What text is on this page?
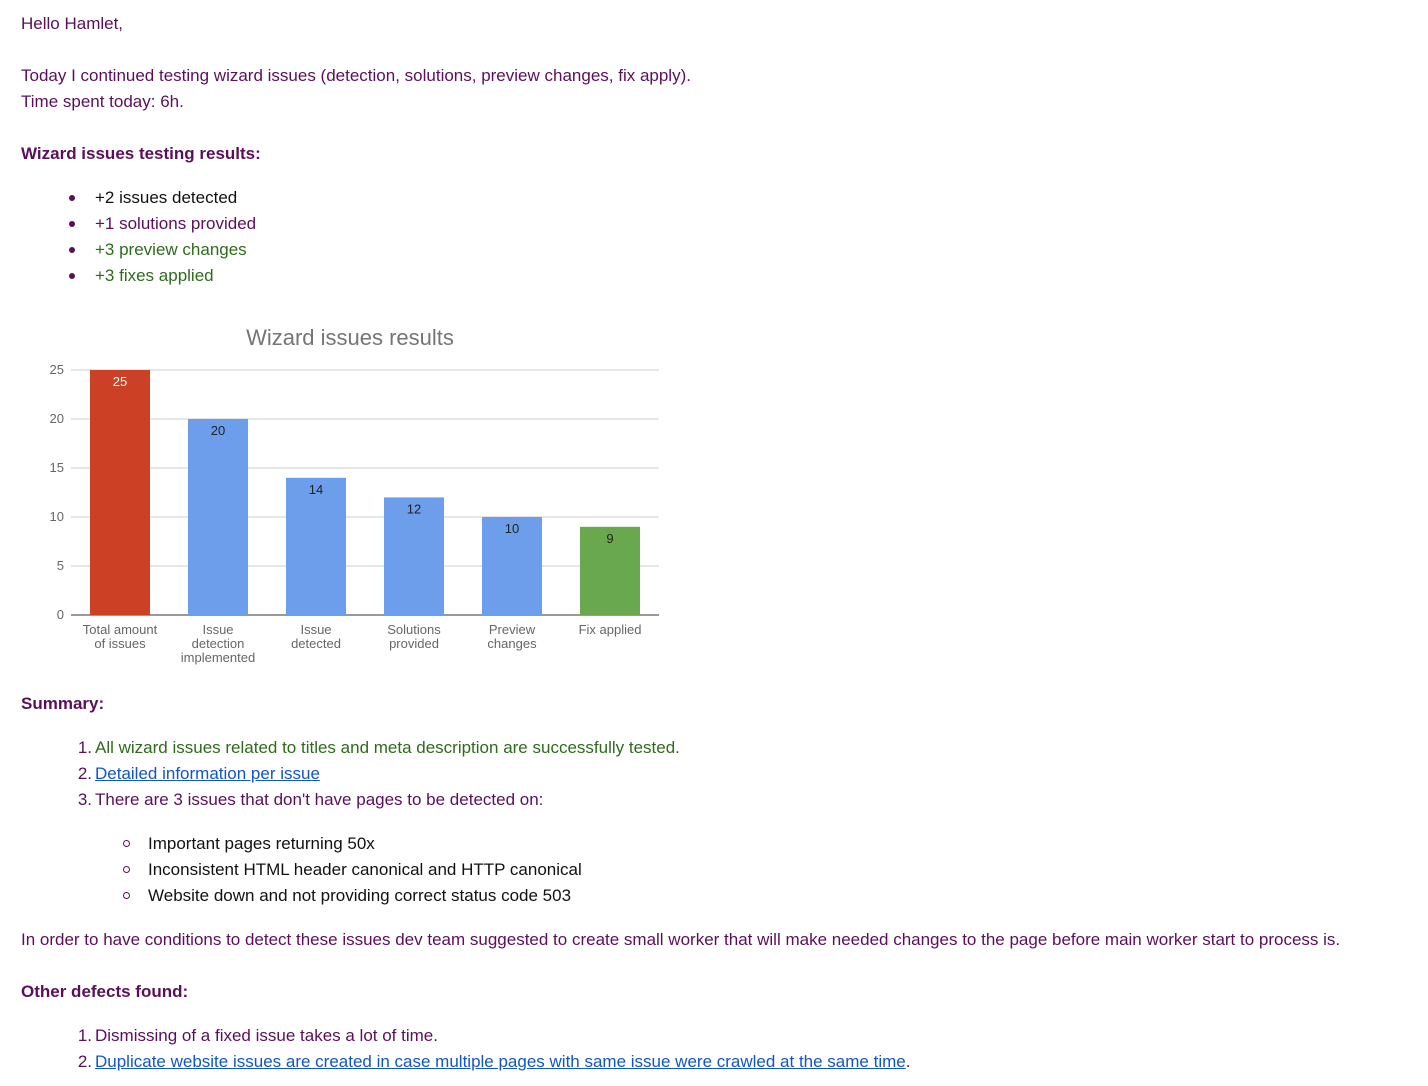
Hello Hamlet,
Today I continued testing wizard issues (detection, solutions, preview changes, fix apply).
Time spent today: 6h.
Wizard issues testing results:
+2 issues detected
+1 solutions provided
+3 preview changes
+3 fixes applied
Wizard issues results
0
5
10
15
20
25
25
20
14
12
10
9
Total amount
of issues
Issue
detection
implemented
Issue
detected
Solutions
provided
Preview
changes
Fix applied
Summary:
1. All wizard issues related to titles and meta description are successfully tested.
2. Detailed information per issue
3. There are 3 issues that don't have pages to be detected on:
Important pages returning 50x
Inconsistent HTML header canonical and HTTP canonical
Website down and not providing correct status code 503
In order to have conditions to detect these issues dev team suggested to create small worker that will make needed changes to the page before main worker start to process is.
Other defects found:
1. Dismissing of a fixed issue takes a lot of time.
2. Duplicate website issues are created in case multiple pages with same issue were crawled at the same time.
